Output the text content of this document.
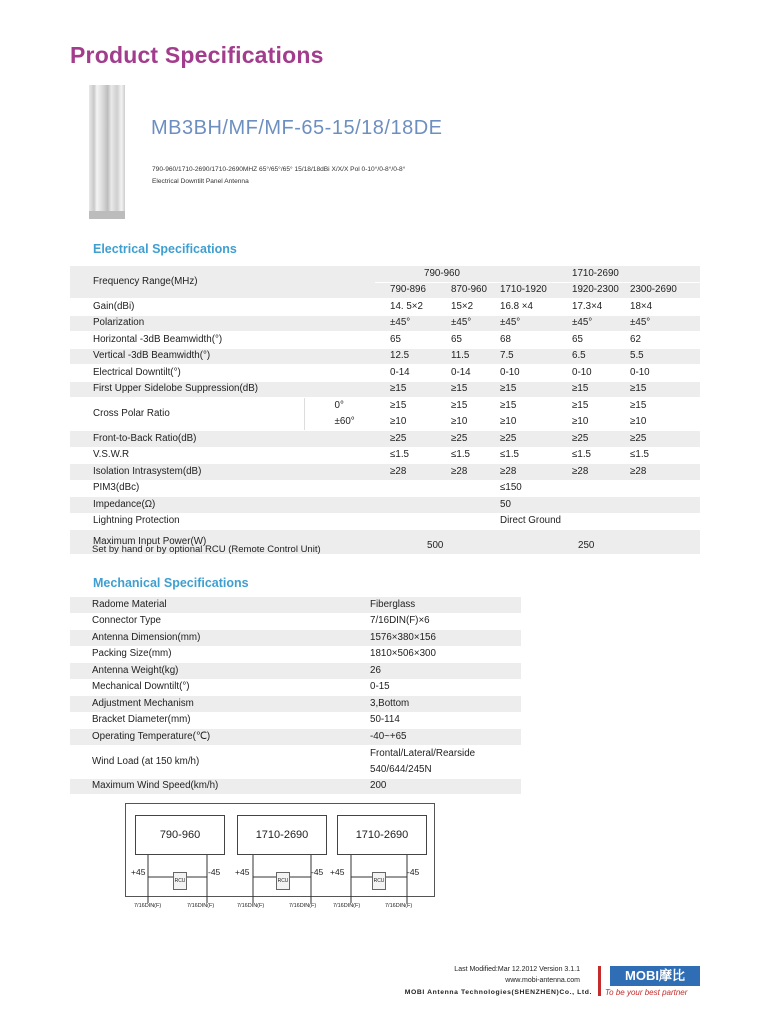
Product Specifications
MB3BH/MF/MF-65-15/18/18DE
790-960/1710-2690/1710-2690MHZ 65°/65°/65° 15/18/18dBi X/X/X Pol 0-10°/0-8°/0-8°
Electrical Downtilt Panel Antenna
Electrical Specifications
Frequency Range(MHz)		790-960			1710-2690	
		790-896	870-960	1710-1920	1920-2300	2300-2690
Gain(dBi)		14. 5×2	15×2	16.8 ×4	17.3×4	18×4
Polarization		±45°	±45°	±45°	±45°	±45°
Horizontal -3dB Beamwidth(°)		65	65	68	65	62
Vertical -3dB Beamwidth(°)		12.5	11.5	7.5	6.5	5.5
Electrical Downtilt(°)		0-14	0-14	0-10	0-10	0-10
First Upper Sidelobe Suppression(dB)		≥15	≥15	≥15	≥15	≥15
Cross Polar Ratio	0°	≥15	≥15	≥15	≥15	≥15
	±60°	≥10	≥10	≥10	≥10	≥10
Front-to-Back Ratio(dB)		≥25	≥25	≥25	≥25	≥25
V.S.W.R		≤1.5	≤1.5	≤1.5	≤1.5	≤1.5
Isolation Intrasystem(dB)		≥28	≥28	≥28	≥28	≥28
PIM3(dBc)				≤150		
Impedance(Ω)				50		
Lightning Protection				Direct Ground		
Maximum Input Power(W)		500			250	
Set by hand or by optional RCU (Remote Control Unit)
Mechanical Specifications
Radome Material	Fiberglass
Connector Type	7/16DIN(F)×6
Antenna Dimension(mm)	1576×380×156
Packing Size(mm)	1810×506×300
Antenna Weight(kg)	26
Mechanical Downtilt(°)	0-15
Adjustment Mechanism	3,Bottom
Bracket Diameter(mm)	50-114
Operating Temperature(℃)	-40~+65
Wind Load (at 150 km/h)	Frontal/Lateral/Rearside
540/644/245N

Maximum Wind Speed(km/h)	200
790-960	1710-2690	1710-2690
+45	-45 +45	-45 +45	-45
RCU	RCU	RCU
7/16DIN(F)	7/16DIN(F)	7/16DIN(F)	7/16DIN(F)	7/16DIN(F)	7/16DIN(F)
Last Modified:Mar 12.2012 Version 3.1.1
www.mobi-antenna.com
MOBI Antenna Technologies(SHENZHEN)Co., Ltd.
MOBI摩比
To be your best partner
